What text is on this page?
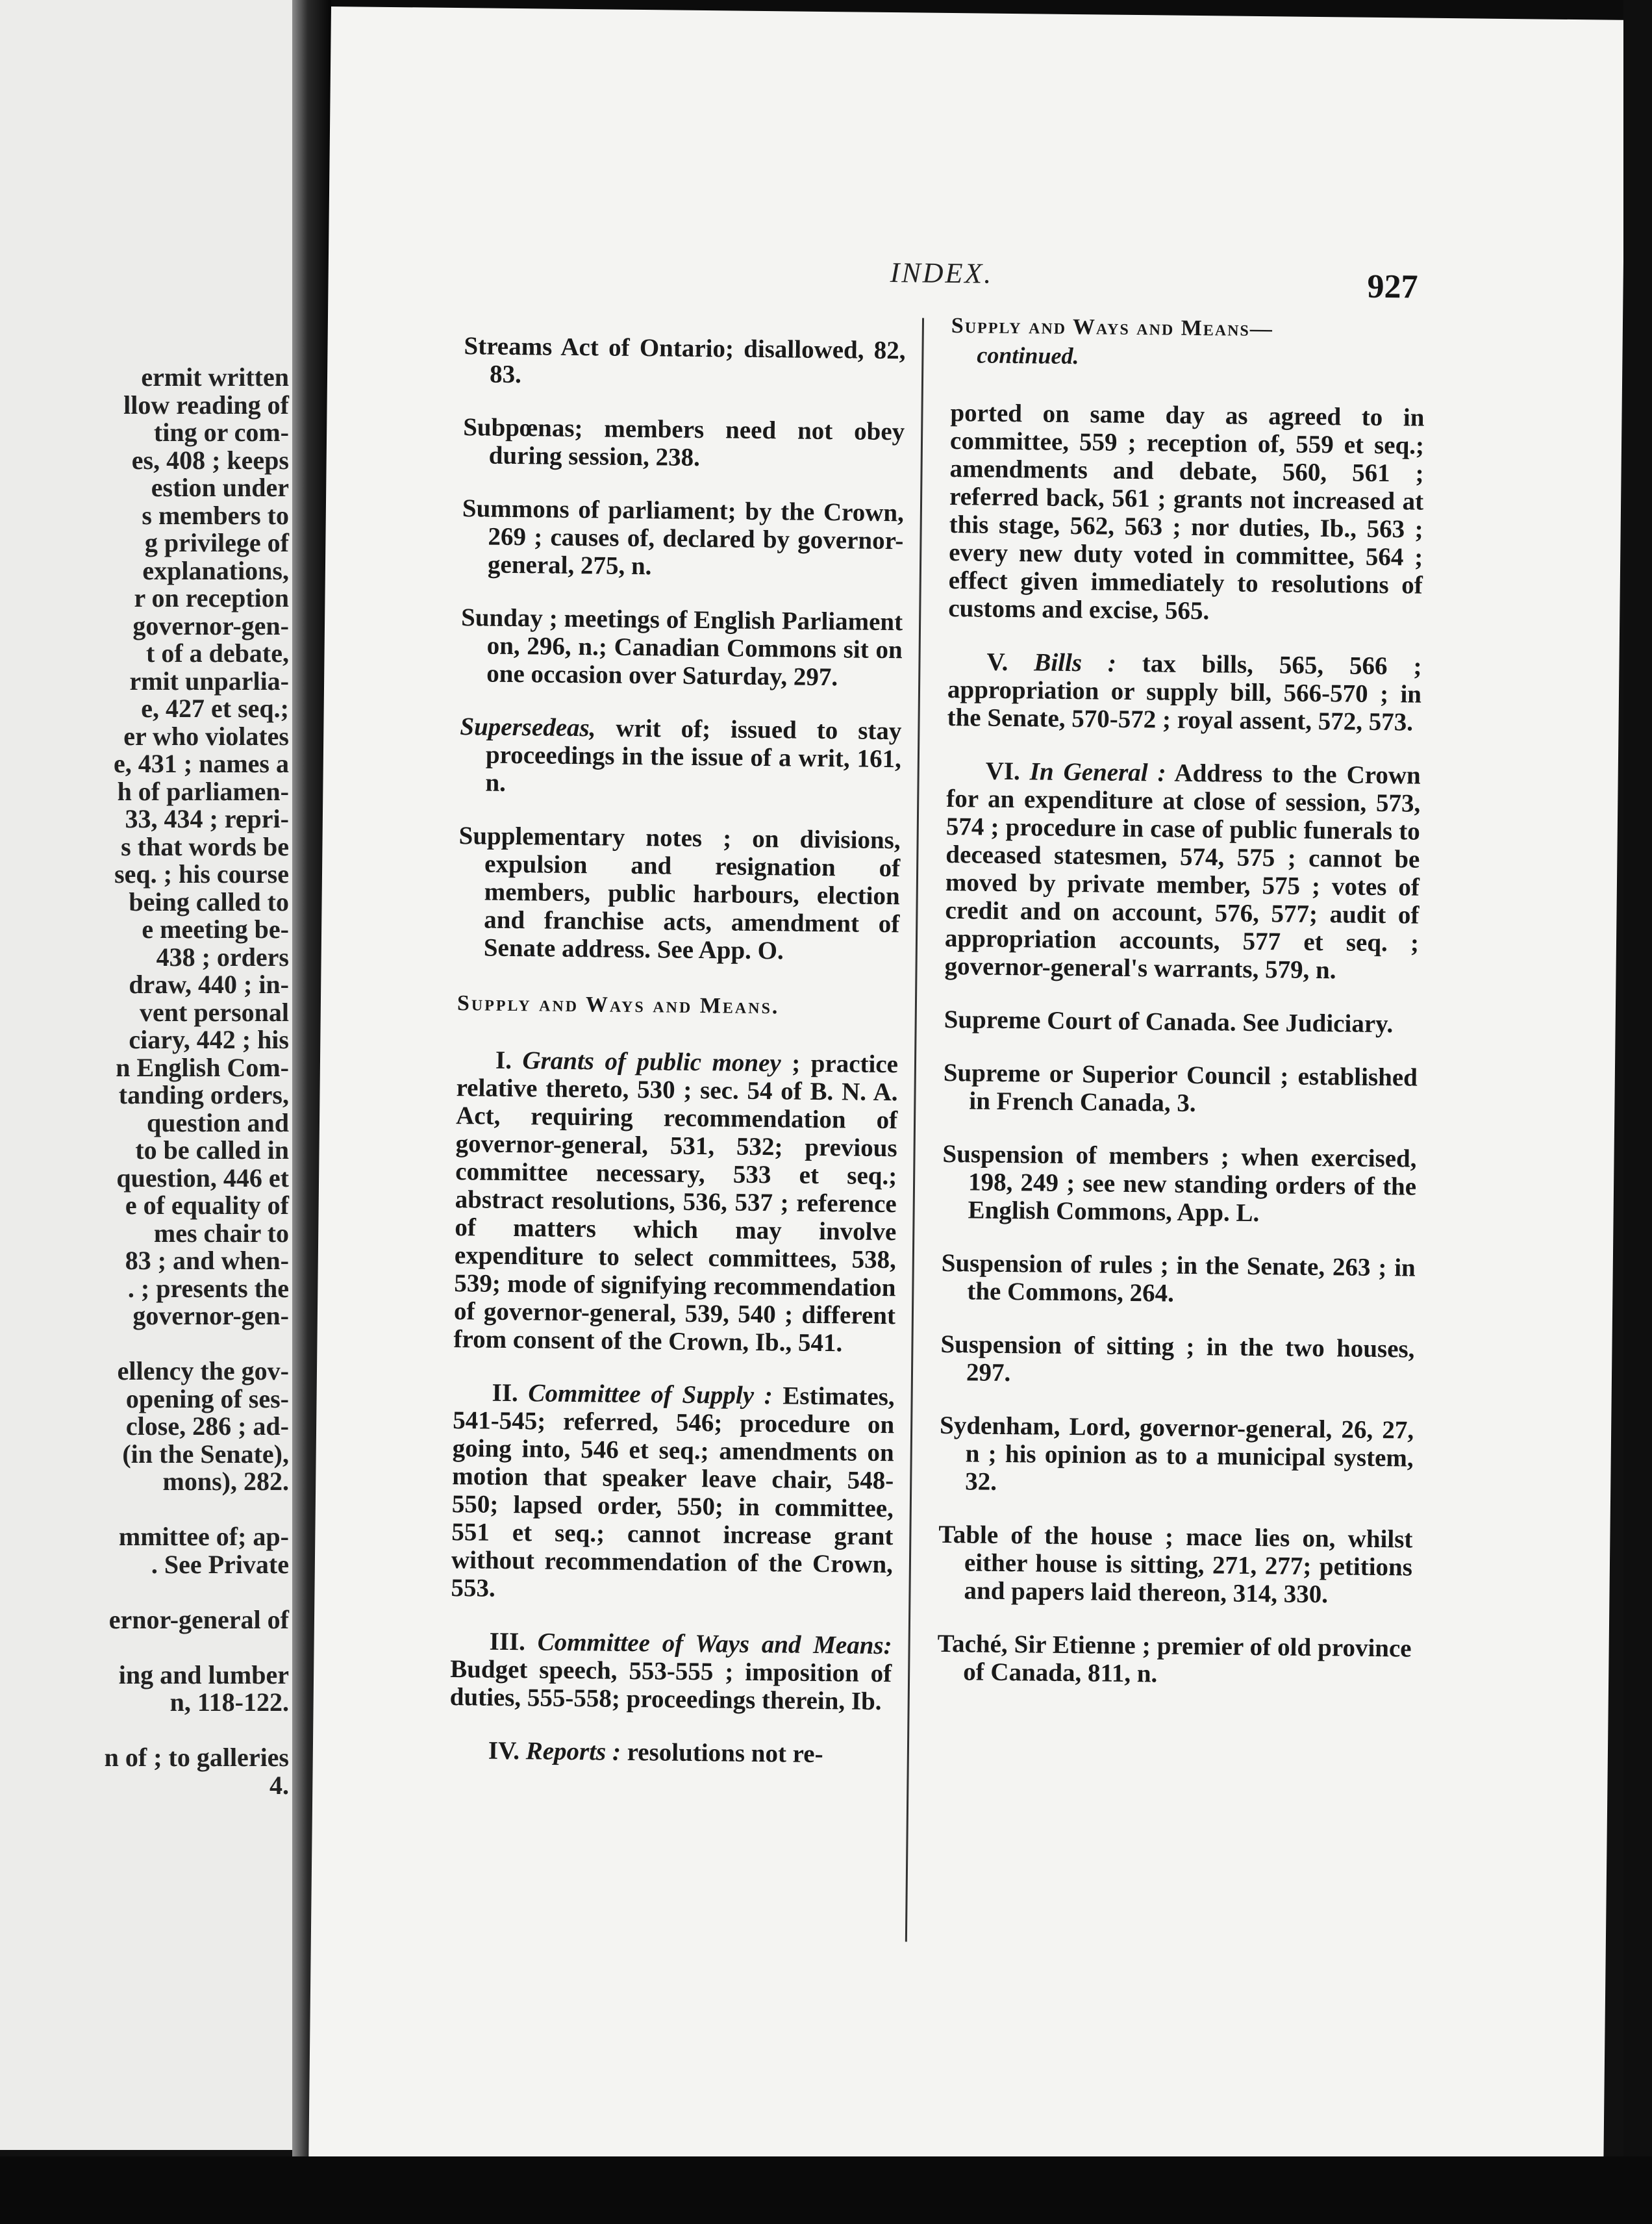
ermit written
llow reading of
ting or com-
es, 408 ; keeps
estion under
s members to
g privilege of
explanations,
r on reception
governor-gen-
t of a debate,
rmit unparlia-
e, 427 et seq.;
er who violates
e, 431 ; names a
h of parliamen-
33, 434 ; repri-
s that words be
seq. ; his course
being called to
e meeting be-
438 ; orders
draw, 440 ; in-
vent personal
ciary, 442 ; his
n English Com-
tanding orders,
question and
to be called in
question, 446 et
e of equality of
mes chair to
83 ; and when-
. ; presents the
governor-gen-
ellency the gov-
opening of ses-
close, 286 ; ad-
(in the Senate),
mons), 282.
mmittee of; ap-
. See Private
ernor-general of
ing and lumber
n, 118-122.
n of ; to galleries
4.
INDEX.	927

Streams Act of Ontario; disallowed, 82, 83.

Subpœnas; members need not obey during session, 238.

Summons of parliament; by the Crown, 269 ; causes of, declared by governor-general, 275, n.

Sunday ; meetings of English Parliament on, 296, n.; Canadian Commons sit on one occasion over Saturday, 297.

Supersedeas, writ of; issued to stay proceedings in the issue of a writ, 161, n.

Supplementary notes ; on divisions, expulsion and resignation of members, public harbours, election and franchise acts, amendment of Senate address. See App. O.

Supply and Ways and Means.

I. Grants of public money ; practice relative thereto, 530 ; sec. 54 of B. N. A. Act, requiring recommendation of governor-general, 531, 532; previous committee necessary, 533 et seq.; abstract resolutions, 536, 537 ; reference of matters which may involve expenditure to select committees, 538, 539; mode of signifying recommendation of governor-general, 539, 540 ; different from consent of the Crown, Ib., 541.

II. Committee of Supply : Estimates, 541-545; referred, 546; procedure on going into, 546 et seq.; amendments on motion that speaker leave chair, 548-550; lapsed order, 550; in committee, 551 et seq.; cannot increase grant without recommendation of the Crown, 553.

III. Committee of Ways and Means: Budget speech, 553-555 ; imposition of duties, 555-558; proceedings therein, Ib.

IV. Reports : resolutions not re-

Supply and Ways and Means—
continued.

ported on same day as agreed to in committee, 559 ; reception of, 559 et seq.; amendments and debate, 560, 561 ; referred back, 561 ; grants not increased at this stage, 562, 563 ; nor duties, Ib., 563 ; every new duty voted in committee, 564 ; effect given immediately to resolutions of customs and excise, 565.

V. Bills : tax bills, 565, 566 ; appropriation or supply bill, 566-570 ; in the Senate, 570-572 ; royal assent, 572, 573.

VI. In General : Address to the Crown for an expenditure at close of session, 573, 574 ; procedure in case of public funerals to deceased statesmen, 574, 575 ; cannot be moved by private member, 575 ; votes of credit and on account, 576, 577; audit of appropriation accounts, 577 et seq. ; governor-general's warrants, 579, n.

Supreme Court of Canada. See Judiciary.

Supreme or Superior Council ; established in French Canada, 3.

Suspension of members ; when exercised, 198, 249 ; see new standing orders of the English Commons, App. L.

Suspension of rules ; in the Senate, 263 ; in the Commons, 264.

Suspension of sitting ; in the two houses, 297.

Sydenham, Lord, governor-general, 26, 27, n ; his opinion as to a municipal system, 32.

Table of the house ; mace lies on, whilst either house is sitting, 271, 277; petitions and papers laid thereon, 314, 330.

Taché, Sir Etienne ; premier of old province of Canada, 811, n.
